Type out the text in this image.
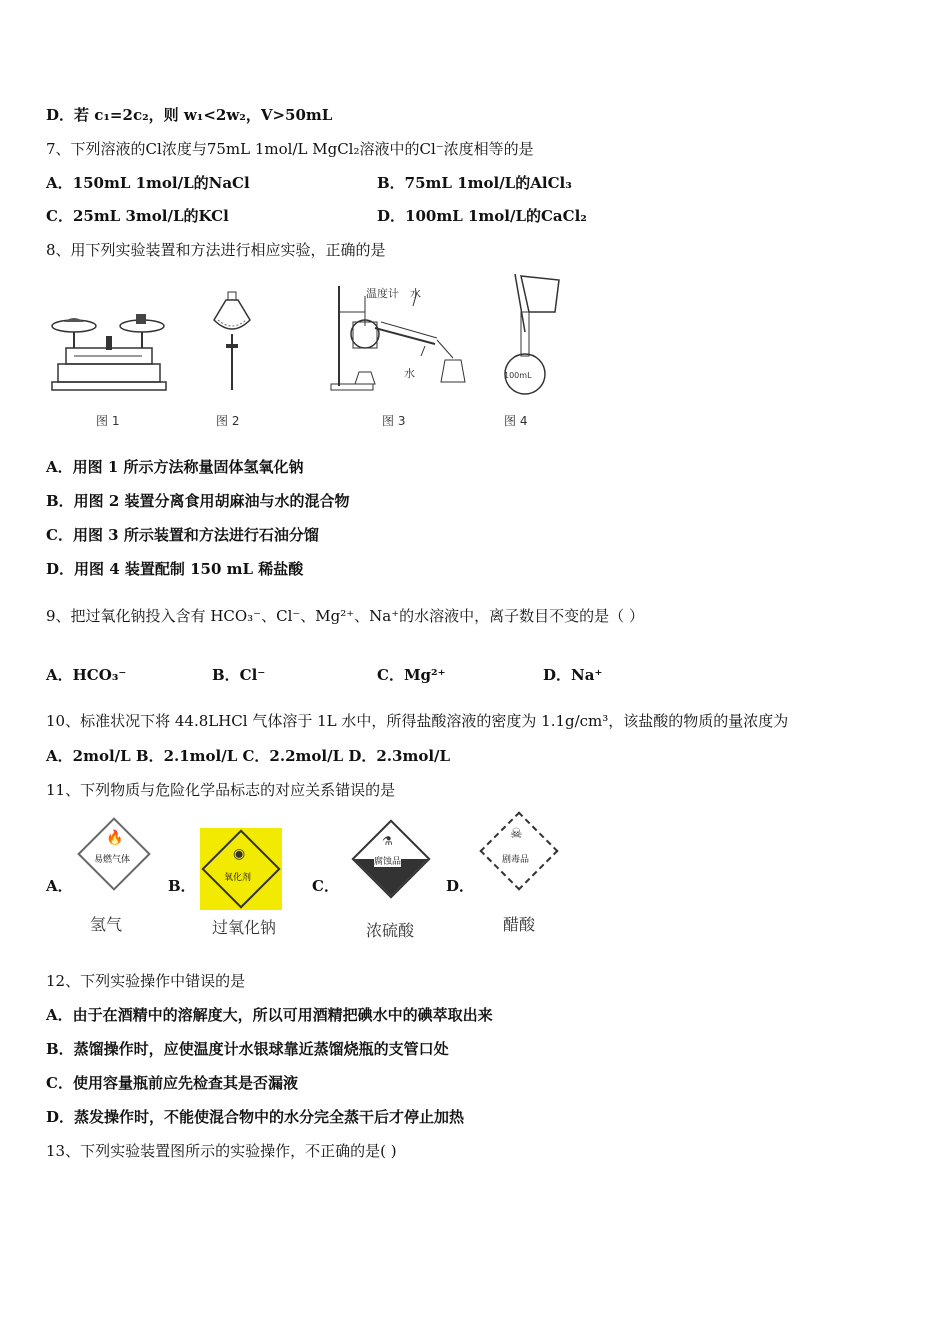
D．若 c₁=2c₂，则 w₁<2w₂，V>50mL
7、下列溶液的Cl浓度与75mL 1mol/L MgCl₂溶液中的Cl⁻浓度相等的是
A．150mL 1mol/L的NaCl	B．75mL 1mol/L的AlCl₃
C．25mL 3mol/L的KCl	D．100mL 1mol/L的CaCl₂
8、用下列实验装置和方法进行相应实验，正确的是
图 1	图 2
温度计 水
水
图 3
100mL
图 4
A．用图 1 所示方法称量固体氢氧化钠
B．用图 2 装置分离食用胡麻油与水的混合物
C．用图 3 所示装置和方法进行石油分馏
D．用图 4 装置配制 150 mL 稀盐酸
9、把过氧化钠投入含有 HCO₃⁻、Cl⁻、Mg²⁺、Na⁺的水溶液中，离子数目不变的是（ ）
A．HCO₃⁻	B．Cl⁻	C．Mg²⁺	D．Na⁺
10、标准状况下将 44.8LHCl 气体溶于 1L 水中，所得盐酸溶液的密度为 1.1g/cm³，该盐酸的物质的量浓度为
A．2mol/L B．2.1mol/L C．2.2mol/L D．2.3mol/L
11、下列物质与危险化学品标志的对应关系错误的是
A．
🔥
易燃气体
氢气
B．
◉
氧化剂
过氧化钠
C．
⚗
腐蚀品
浓硫酸
D．
☠
剧毒品
醋酸
12、下列实验操作中错误的是
A．由于在酒精中的溶解度大，所以可用酒精把碘水中的碘萃取出来
B．蒸馏操作时，应使温度计水银球靠近蒸馏烧瓶的支管口处
C．使用容量瓶前应先检查其是否漏液
D．蒸发操作时，不能使混合物中的水分完全蒸干后才停止加热
13、下列实验装置图所示的实验操作，不正确的是( )
